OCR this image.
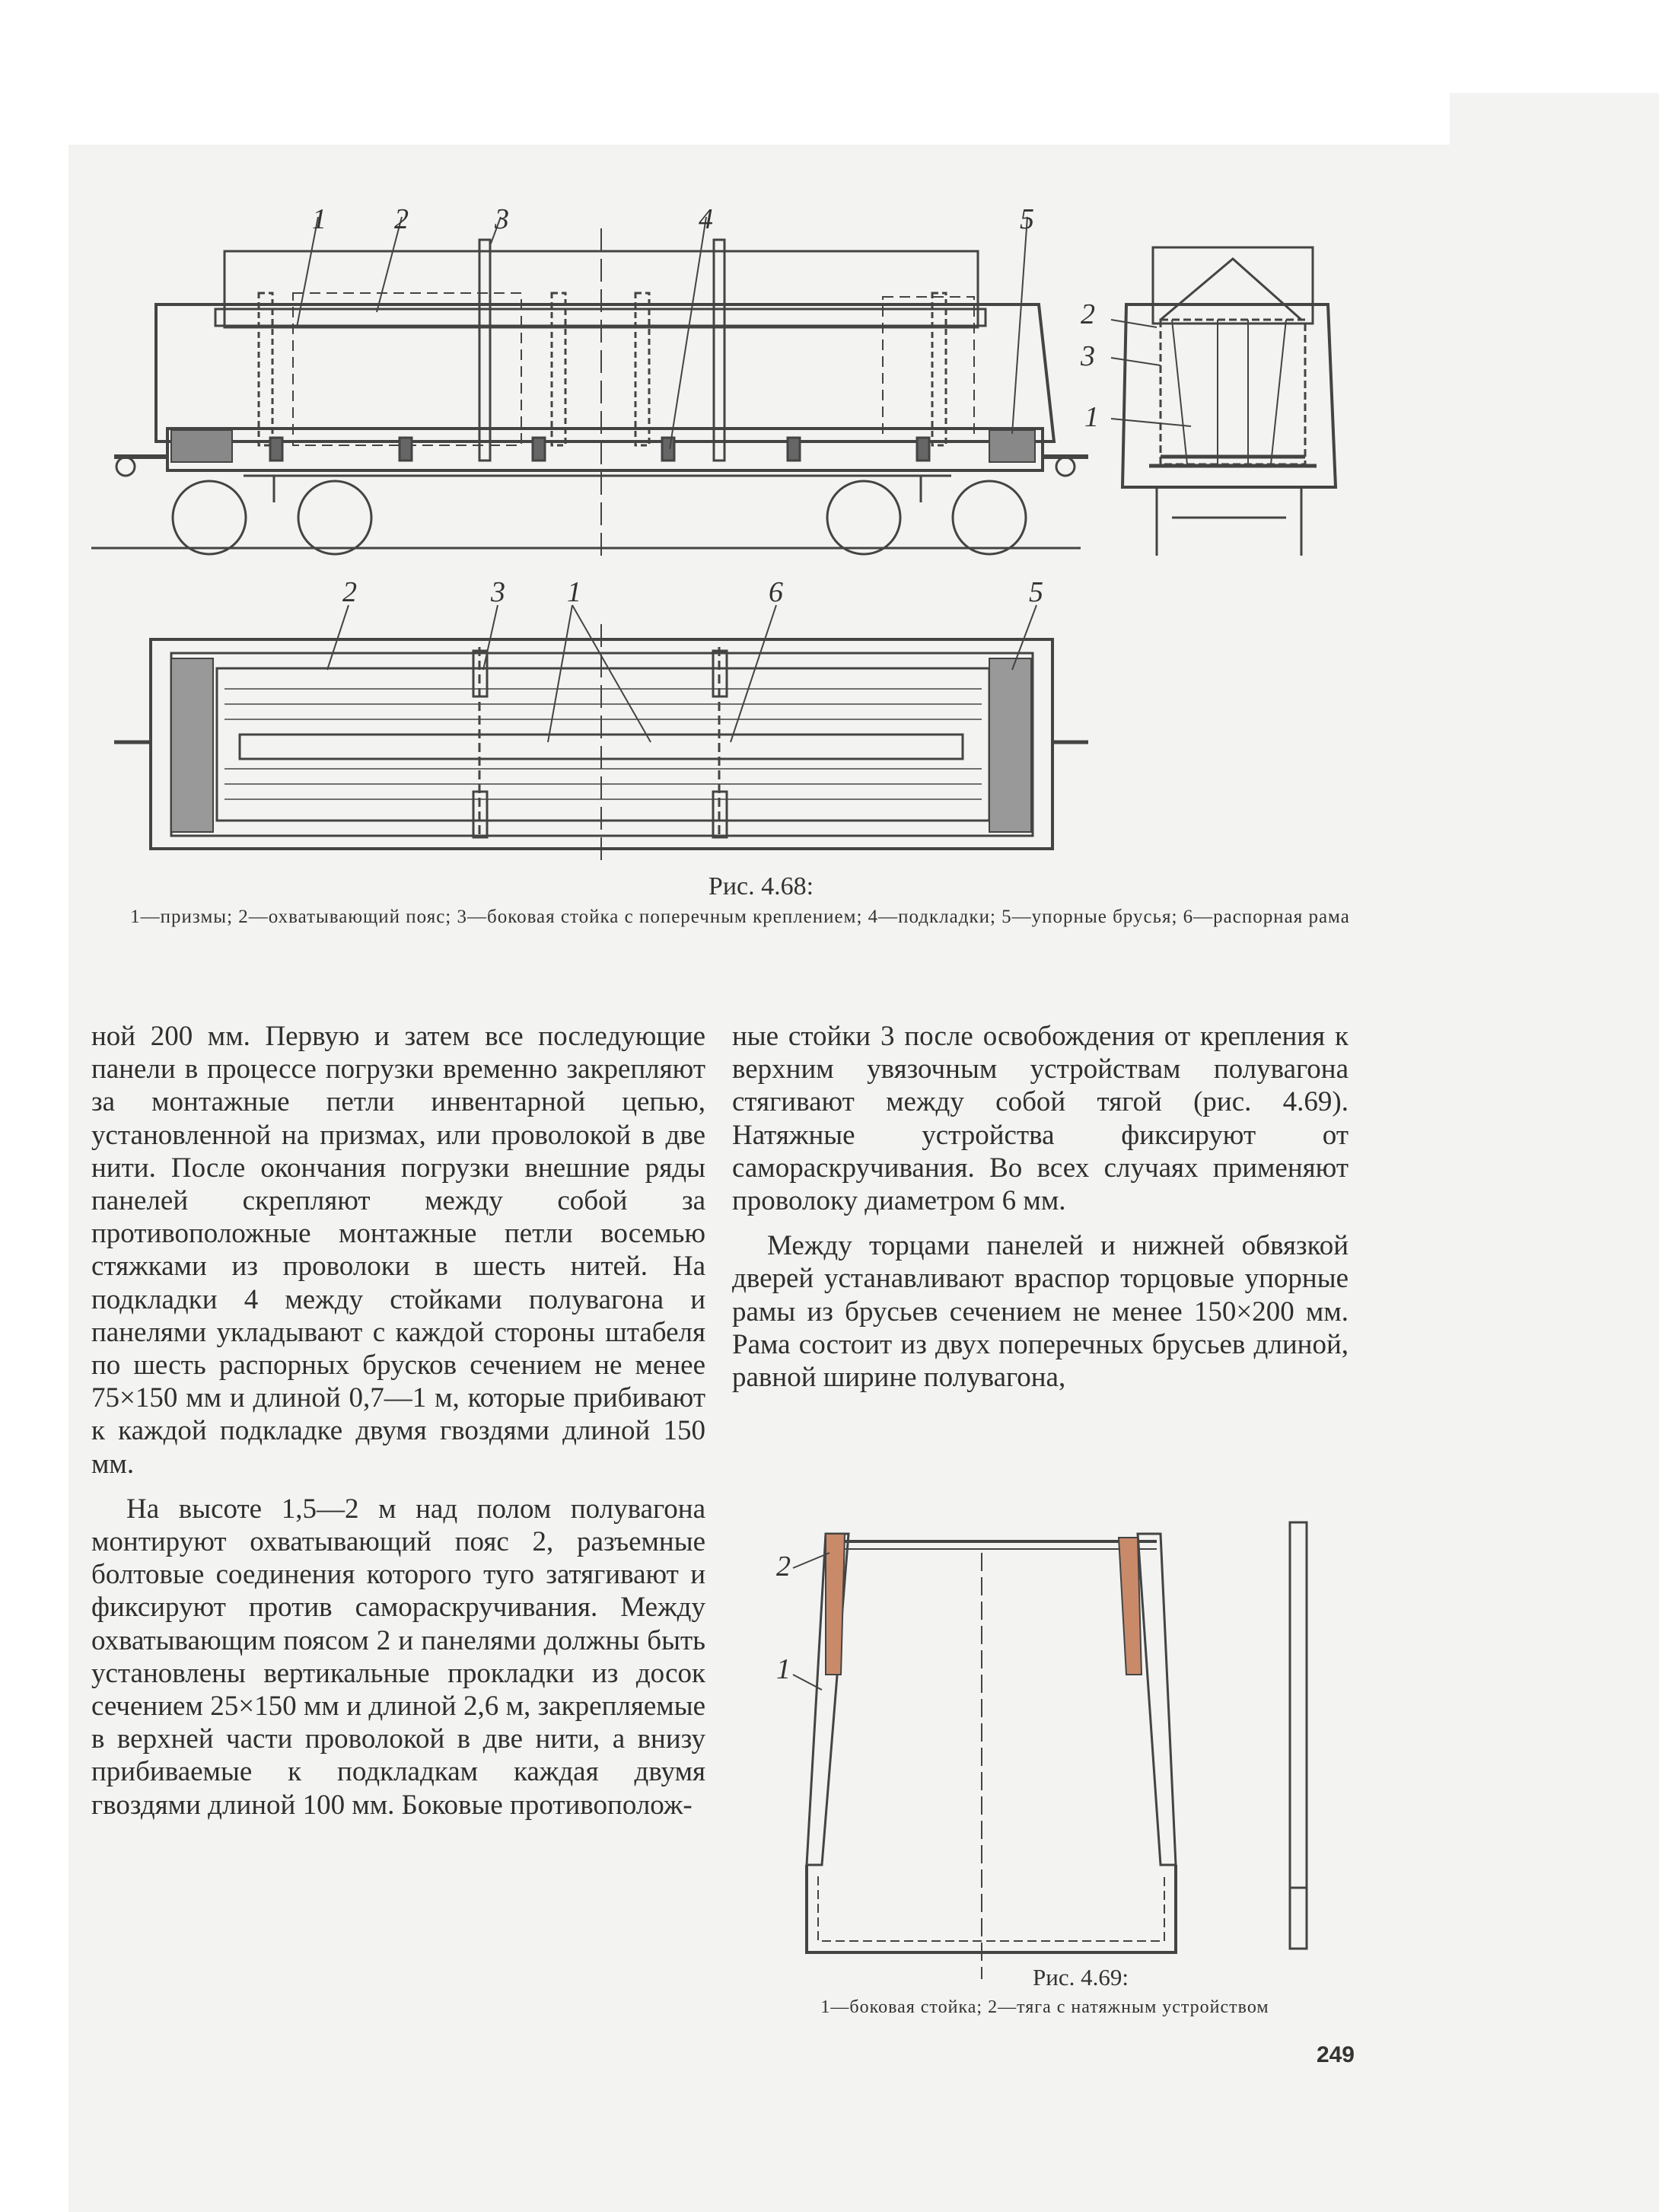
1 2	3	4	5
2
3
1
2	3 1	6	5
2
1
Рис. 4.68:
1—призмы; 2—охватывающий пояс; 3—боковая стойка с поперечным креплением; 4—подкладки; 5—упорные брусья; 6—распорная рама

ной 200 мм. Первую и затем все последующие панели в процессе погрузки временно закрепляют за монтажные петли инвентарной цепью, установленной на призмах, или проволокой в две нити. После окончания погрузки внешние ряды панелей скрепляют между собой за противоположные монтажные петли восемью стяжками из проволоки в шесть нитей. На подкладки 4 между стойками полувагона и панелями укладывают с каждой стороны штабеля по шесть распорных брусков сечением не менее 75×150 мм и длиной 0,7—1 м, которые прибивают к каждой подкладке двумя гвоздями длиной 150 мм.

На высоте 1,5—2 м над полом полувагона монтируют охватывающий пояс 2, разъемные болтовые соединения которого туго затягивают и фиксируют против самораскручивания. Между охватывающим поясом 2 и панелями должны быть установлены вертикальные прокладки из досок сечением 25×150 мм и длиной 2,6 м, закрепляемые в верхней части проволокой в две нити, а внизу прибиваемые к подкладкам каждая двумя гвоздями длиной 100 мм. Боковые противополож-

ные стойки 3 после освобождения от крепления к верхним увязочным устройствам полувагона стягивают между собой тягой (рис. 4.69). Натяжные устройства фиксируют от самораскручивания. Во всех случаях применяют проволоку диаметром 6 мм.

Между торцами панелей и нижней обвязкой дверей устанавливают враспор торцовые упорные рамы из брусьев сечением не менее 150×200 мм. Рама состоит из двух поперечных брусьев длиной, равной ширине полувагона,

Рис. 4.69:
1—боковая стойка; 2—тяга с натяжным устройством
249
